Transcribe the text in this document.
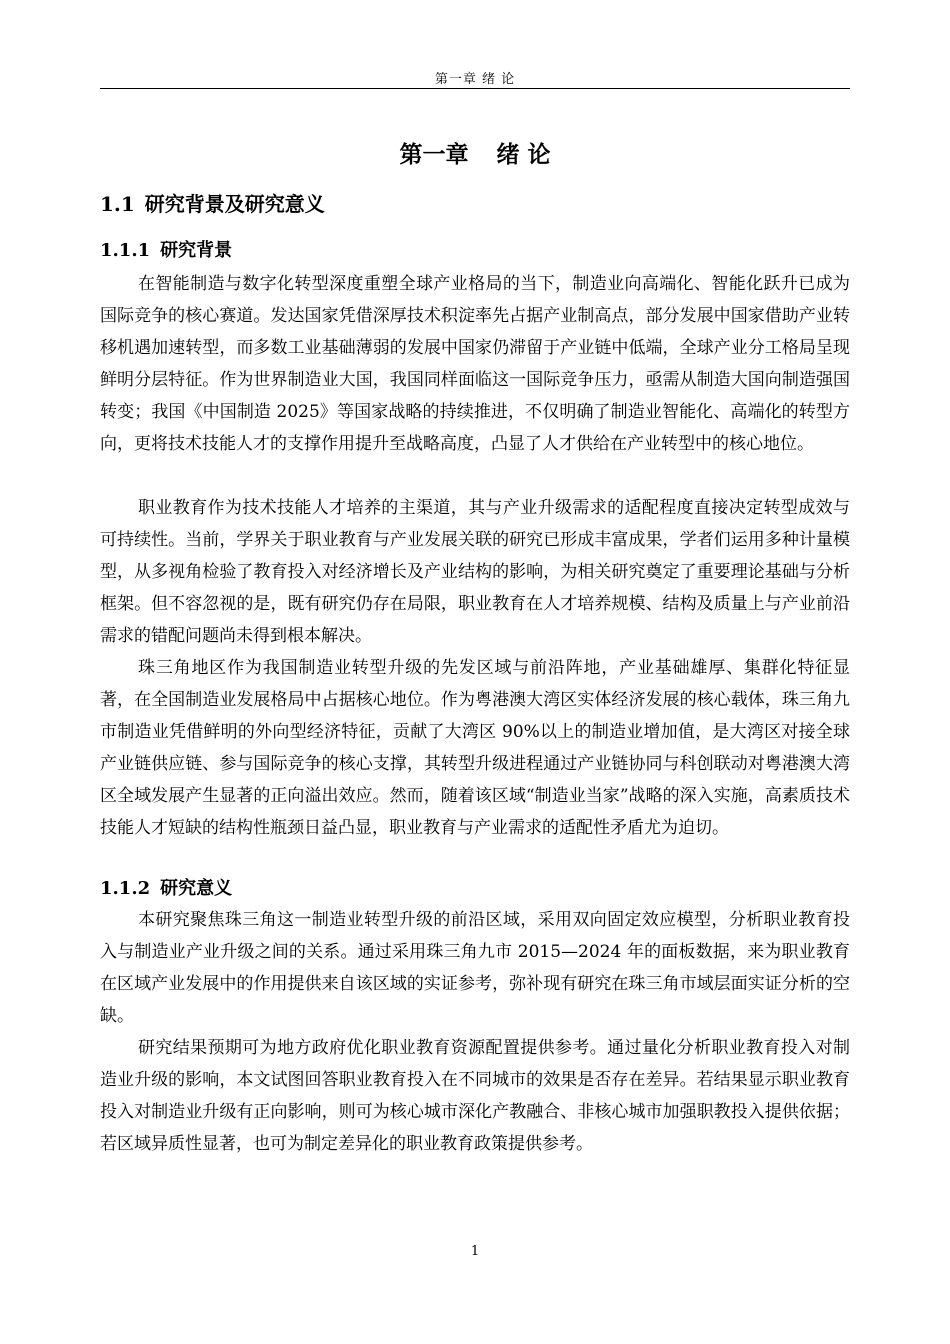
第一章 绪 论
第一章 绪 论
1.1 研究背景及研究意义
1.1.1 研究背景

在智能制造与数字化转型深度重塑全球产业格局的当下，制造业向高端化、智能化跃升已成为国际竞争的核心赛道。发达国家凭借深厚技术积淀率先占据产业制高点，部分发展中国家借助产业转移机遇加速转型，而多数工业基础薄弱的发展中国家仍滞留于产业链中低端，全球产业分工格局呈现鲜明分层特征。作为世界制造业大国，我国同样面临这一国际竞争压力，亟需从制造大国向制造强国转变；我国《中国制造 2025》等国家战略的持续推进，不仅明确了制造业智能化、高端化的转型方向，更将技术技能人才的支撑作用提升至战略高度，凸显了人才供给在产业转型中的核心地位。

职业教育作为技术技能人才培养的主渠道，其与产业升级需求的适配程度直接决定转型成效与可持续性。当前，学界关于职业教育与产业发展关联的研究已形成丰富成果，学者们运用多种计量模型，从多视角检验了教育投入对经济增长及产业结构的影响，为相关研究奠定了重要理论基础与分析框架。但不容忽视的是，既有研究仍存在局限，职业教育在人才培养规模、结构及质量上与产业前沿需求的错配问题尚未得到根本解决。

珠三角地区作为我国制造业转型升级的先发区域与前沿阵地，产业基础雄厚、集群化特征显著，在全国制造业发展格局中占据核心地位。作为粤港澳大湾区实体经济发展的核心载体，珠三角九市制造业凭借鲜明的外向型经济特征，贡献了大湾区 90%以上的制造业增加值，是大湾区对接全球产业链供应链、参与国际竞争的核心支撑，其转型升级进程通过产业链协同与科创联动对粤港澳大湾区全域发展产生显著的正向溢出效应。然而，随着该区域“制造业当家”战略的深入实施，高素质技术技能人才短缺的结构性瓶颈日益凸显，职业教育与产业需求的适配性矛盾尤为迫切。

1.1.2 研究意义

本研究聚焦珠三角这一制造业转型升级的前沿区域，采用双向固定效应模型，分析职业教育投入与制造业产业升级之间的关系。通过采用珠三角九市 2015—2024 年的面板数据，来为职业教育在区域产业发展中的作用提供来自该区域的实证参考，弥补现有研究在珠三角市域层面实证分析的空缺。

研究结果预期可为地方政府优化职业教育资源配置提供参考。通过量化分析职业教育投入对制造业升级的影响，本文试图回答职业教育投入在不同城市的效果是否存在差异。若结果显示职业教育投入对制造业升级有正向影响，则可为核心城市深化产教融合、非核心城市加强职教投入提供依据；若区域异质性显著，也可为制定差异化的职业教育政策提供参考。

1
